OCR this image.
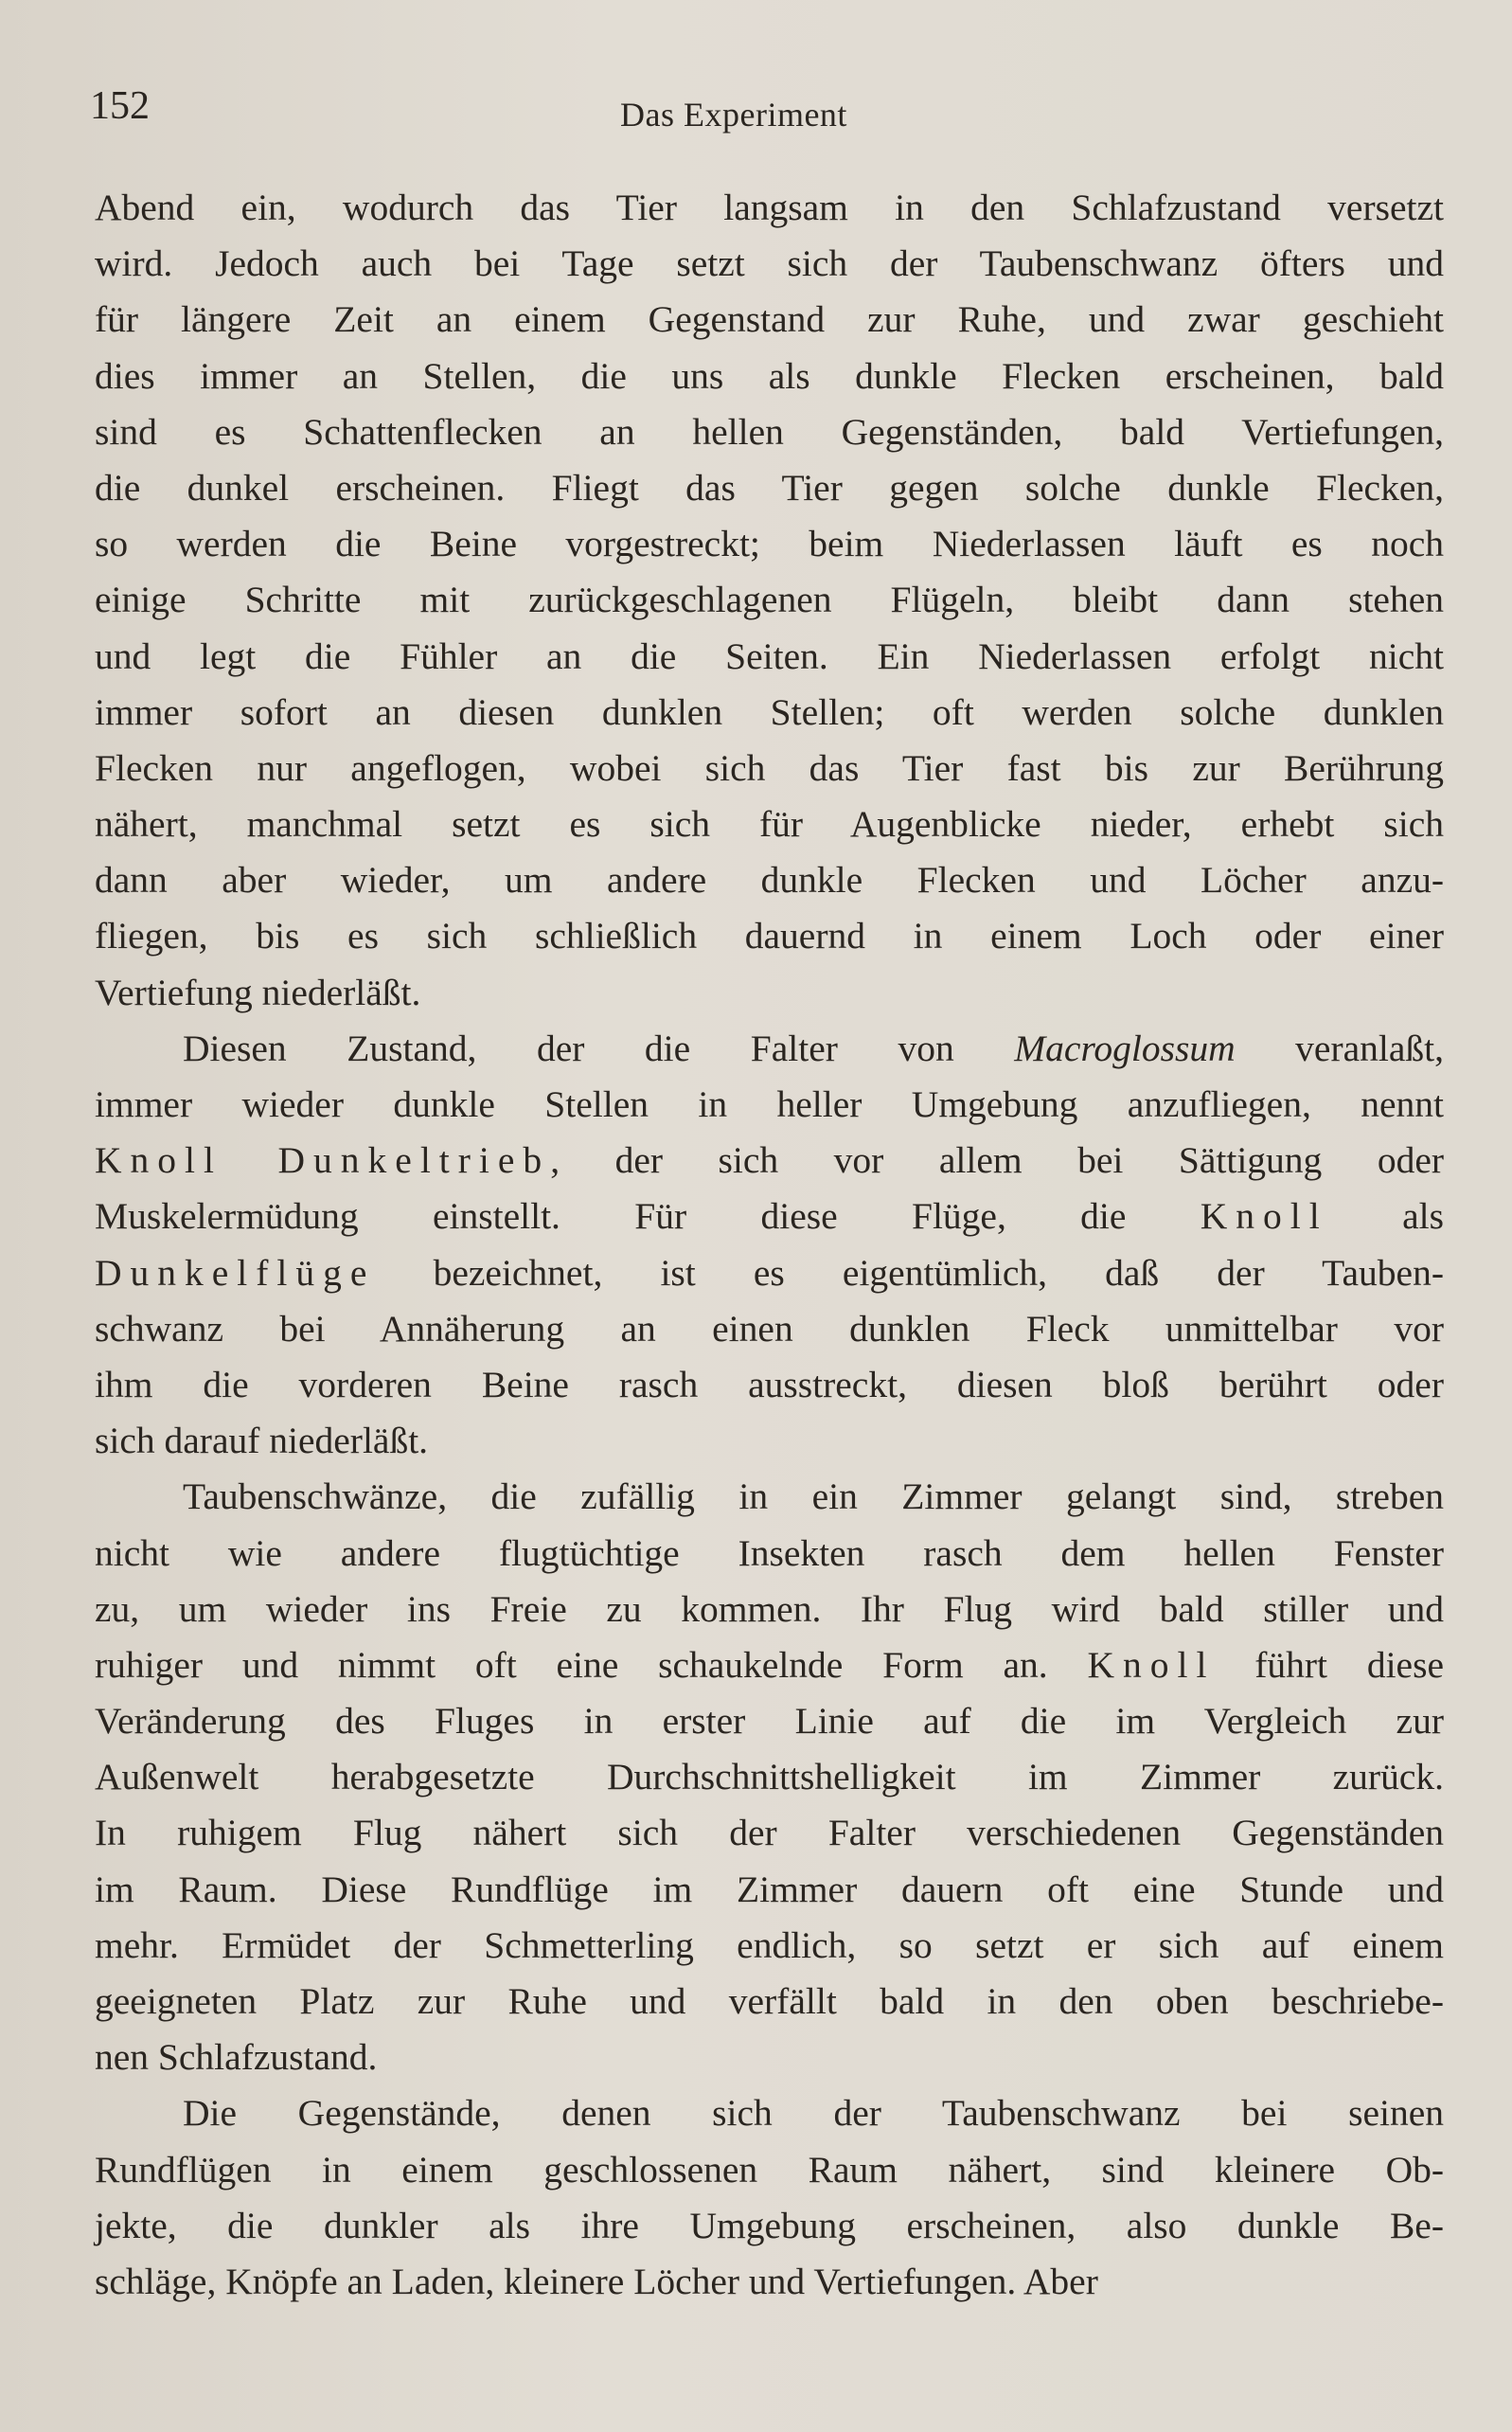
152	Das Experiment
Abend ein, wodurch das Tier langsam in den Schlafzustand versetzt
wird. Jedoch auch bei Tage setzt sich der Taubenschwanz öfters und
für längere Zeit an einem Gegenstand zur Ruhe, und zwar geschieht
dies immer an Stellen, die uns als dunkle Flecken erscheinen, bald
sind es Schattenflecken an hellen Gegenständen, bald Vertiefungen,
die dunkel erscheinen. Fliegt das Tier gegen solche dunkle Flecken,
so werden die Beine vorgestreckt; beim Niederlassen läuft es noch
einige Schritte mit zurückgeschlagenen Flügeln, bleibt dann stehen
und legt die Fühler an die Seiten. Ein Niederlassen erfolgt nicht
immer sofort an diesen dunklen Stellen; oft werden solche dunklen
Flecken nur angeflogen, wobei sich das Tier fast bis zur Berührung
nähert, manchmal setzt es sich für Augenblicke nieder, erhebt sich
dann aber wieder, um andere dunkle Flecken und Löcher anzu-
fliegen, bis es sich schließlich dauernd in einem Loch oder einer
Vertiefung niederläßt.
Diesen Zustand, der die Falter von Macroglossum veranlaßt,
immer wieder dunkle Stellen in heller Umgebung anzufliegen, nennt
Knoll Dunkeltrieb, der sich vor allem bei Sättigung oder
Muskelermüdung einstellt. Für diese Flüge, die Knoll als
Dunkelflüge bezeichnet, ist es eigentümlich, daß der Tauben-
schwanz bei Annäherung an einen dunklen Fleck unmittelbar vor
ihm die vorderen Beine rasch ausstreckt, diesen bloß berührt oder
sich darauf niederläßt.
Taubenschwänze, die zufällig in ein Zimmer gelangt sind, streben
nicht wie andere flugtüchtige Insekten rasch dem hellen Fenster
zu, um wieder ins Freie zu kommen. Ihr Flug wird bald stiller und
ruhiger und nimmt oft eine schaukelnde Form an. Knoll führt diese
Veränderung des Fluges in erster Linie auf die im Vergleich zur
Außenwelt herabgesetzte Durchschnittshelligkeit im Zimmer zurück.
In ruhigem Flug nähert sich der Falter verschiedenen Gegenständen
im Raum. Diese Rundflüge im Zimmer dauern oft eine Stunde und
mehr. Ermüdet der Schmetterling endlich, so setzt er sich auf einem
geeigneten Platz zur Ruhe und verfällt bald in den oben beschriebe-
nen Schlafzustand.
Die Gegenstände, denen sich der Taubenschwanz bei seinen
Rundflügen in einem geschlossenen Raum nähert, sind kleinere Ob-
jekte, die dunkler als ihre Umgebung erscheinen, also dunkle Be-
schläge, Knöpfe an Laden, kleinere Löcher und Vertiefungen. Aber
